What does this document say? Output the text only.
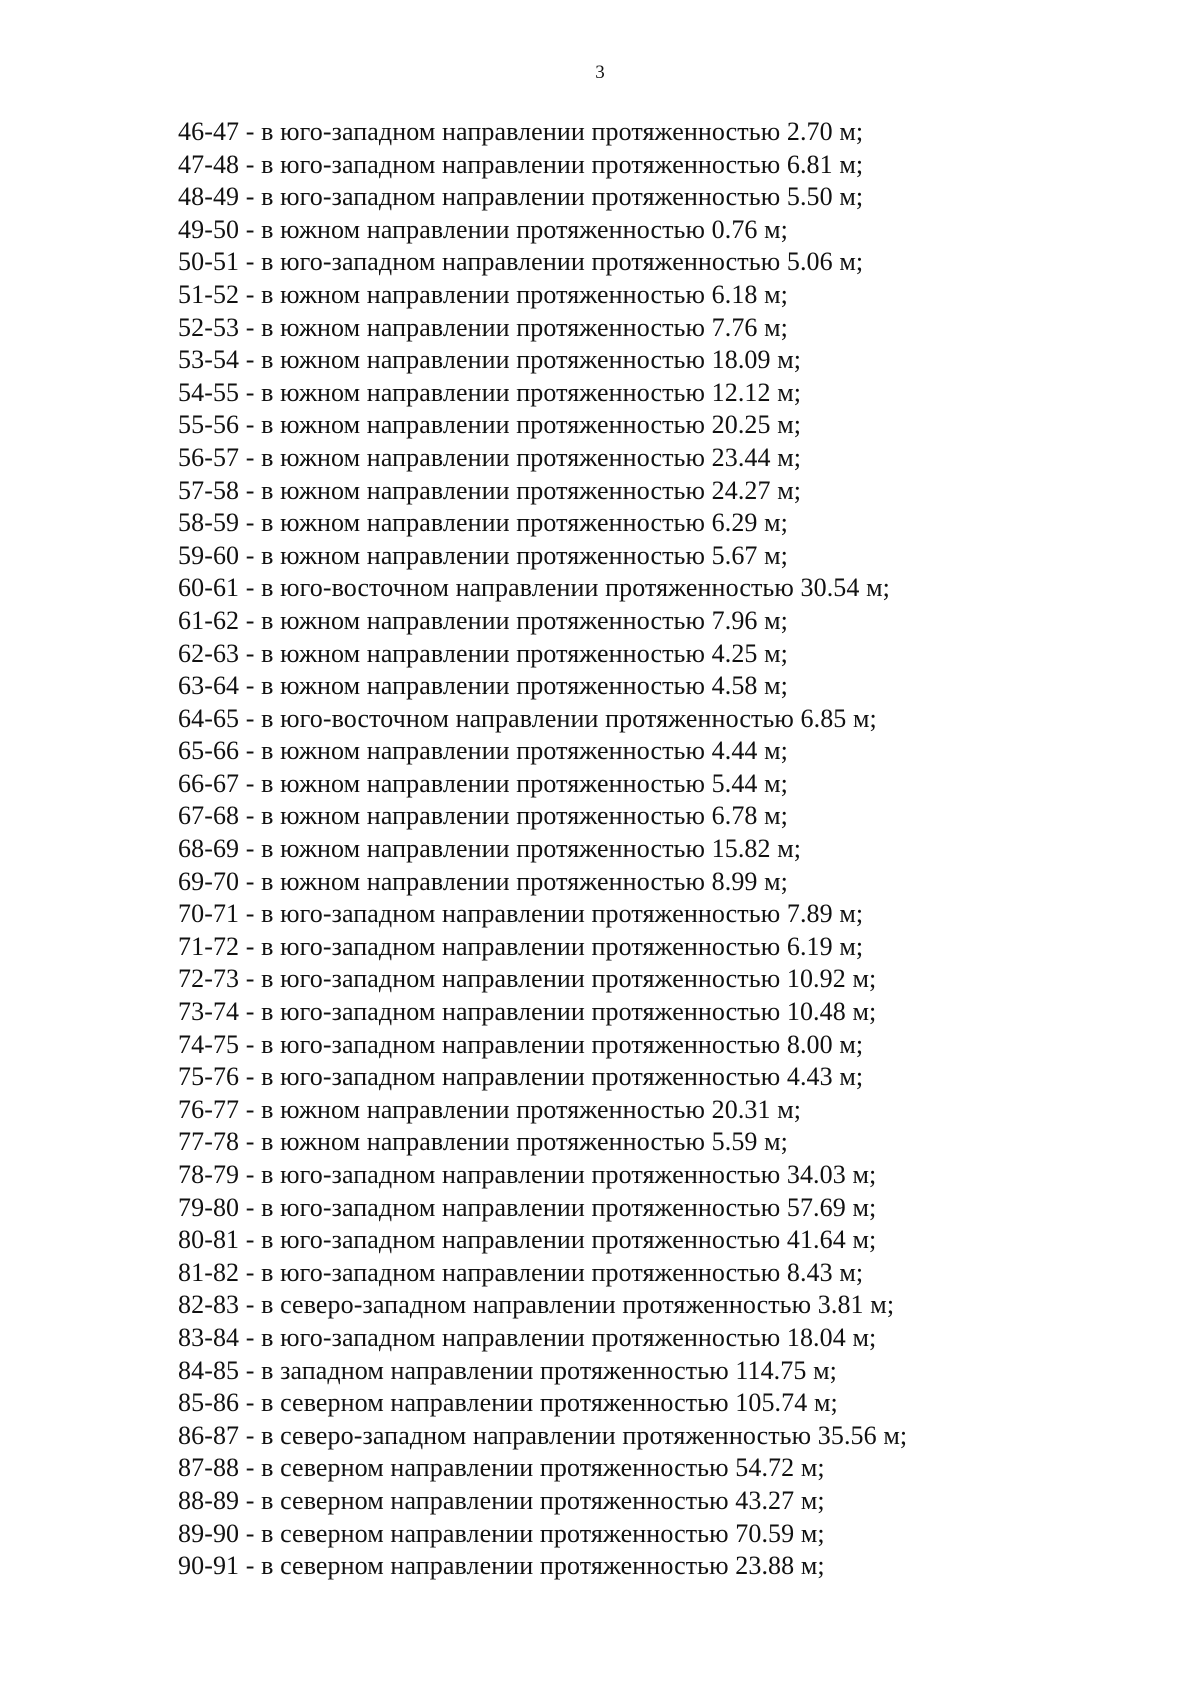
3
46-47 - в юго-западном направлении протяженностью 2.70 м;
47-48 - в юго-западном направлении протяженностью 6.81 м;
48-49 - в юго-западном направлении протяженностью 5.50 м;
49-50 - в южном направлении протяженностью 0.76 м;
50-51 - в юго-западном направлении протяженностью 5.06 м;
51-52 - в южном направлении протяженностью 6.18 м;
52-53 - в южном направлении протяженностью 7.76 м;
53-54 - в южном направлении протяженностью 18.09 м;
54-55 - в южном направлении протяженностью 12.12 м;
55-56 - в южном направлении протяженностью 20.25 м;
56-57 - в южном направлении протяженностью 23.44 м;
57-58 - в южном направлении протяженностью 24.27 м;
58-59 - в южном направлении протяженностью 6.29 м;
59-60 - в южном направлении протяженностью 5.67 м;
60-61 - в юго-восточном направлении протяженностью 30.54 м;
61-62 - в южном направлении протяженностью 7.96 м;
62-63 - в южном направлении протяженностью 4.25 м;
63-64 - в южном направлении протяженностью 4.58 м;
64-65 - в юго-восточном направлении протяженностью 6.85 м;
65-66 - в южном направлении протяженностью 4.44 м;
66-67 - в южном направлении протяженностью 5.44 м;
67-68 - в южном направлении протяженностью 6.78 м;
68-69 - в южном направлении протяженностью 15.82 м;
69-70 - в южном направлении протяженностью 8.99 м;
70-71 - в юго-западном направлении протяженностью 7.89 м;
71-72 - в юго-западном направлении протяженностью 6.19 м;
72-73 - в юго-западном направлении протяженностью 10.92 м;
73-74 - в юго-западном направлении протяженностью 10.48 м;
74-75 - в юго-западном направлении протяженностью 8.00 м;
75-76 - в юго-западном направлении протяженностью 4.43 м;
76-77 - в южном направлении протяженностью 20.31 м;
77-78 - в южном направлении протяженностью 5.59 м;
78-79 - в юго-западном направлении протяженностью 34.03 м;
79-80 - в юго-западном направлении протяженностью 57.69 м;
80-81 - в юго-западном направлении протяженностью 41.64 м;
81-82 - в юго-западном направлении протяженностью 8.43 м;
82-83 - в северо-западном направлении протяженностью 3.81 м;
83-84 - в юго-западном направлении протяженностью 18.04 м;
84-85 - в западном направлении протяженностью 114.75 м;
85-86 - в северном направлении протяженностью 105.74 м;
86-87 - в северо-западном направлении протяженностью 35.56 м;
87-88 - в северном направлении протяженностью 54.72 м;
88-89 - в северном направлении протяженностью 43.27 м;
89-90 - в северном направлении протяженностью 70.59 м;
90-91 - в северном направлении протяженностью 23.88 м;
